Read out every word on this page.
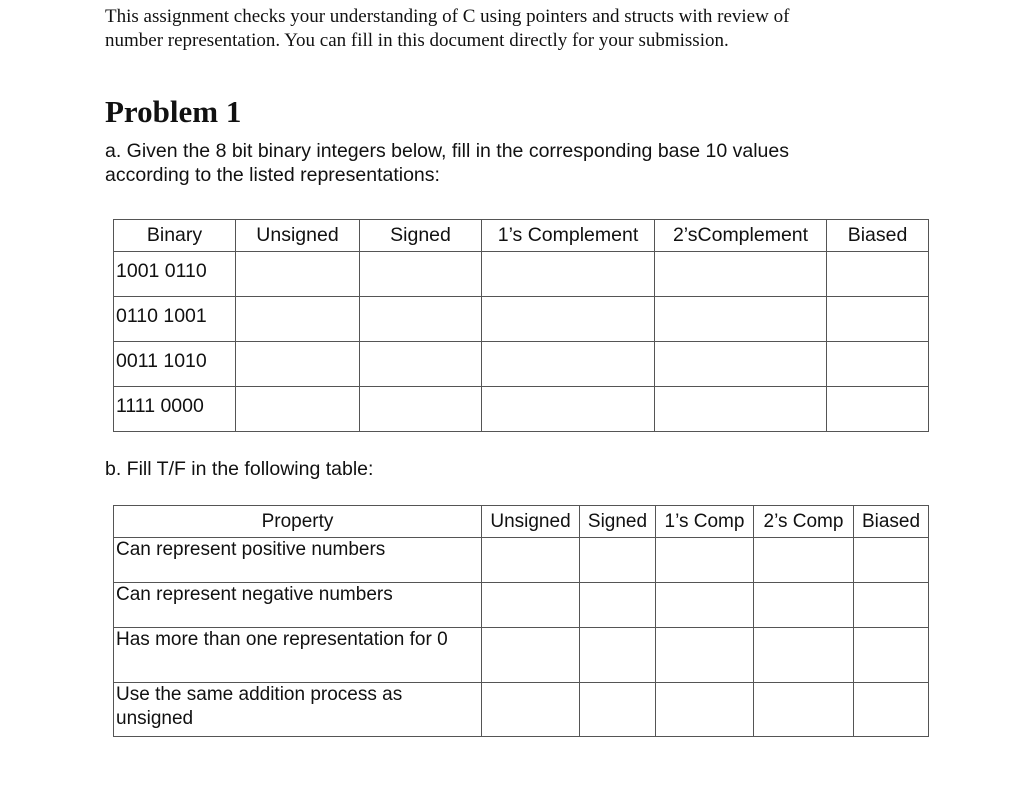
This assignment checks your understanding of C using pointers and structs with review of
number representation. You can fill in this document directly for your submission.

Problem 1

a. Given the 8 bit binary integers below, fill in the corresponding base 10 values
according to the listed representations:

Binary	Unsigned	Signed	1’s Complement	2’sComplement	Biased
1001 0110					
0110 1001					
0011 1010					
1111 0000					

b. Fill T/F in the following table:

Property	Unsigned	Signed	1’s Comp	2’s Comp	Biased
Can represent positive numbers					
Can represent negative numbers					
Has more than one representation for 0					
Use the same addition process as unsigned					
